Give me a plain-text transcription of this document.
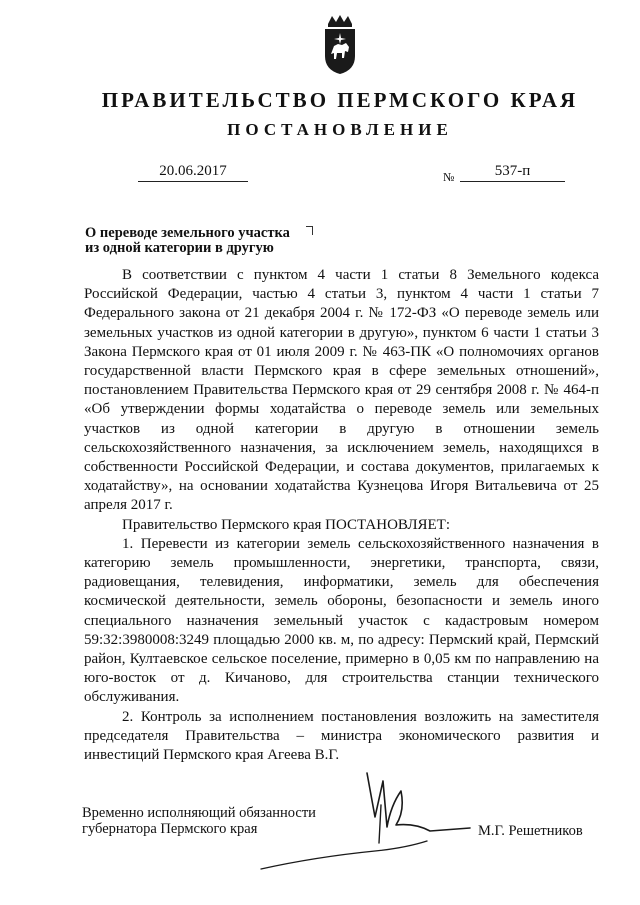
ПРАВИТЕЛЬСТВО ПЕРМСКОГО КРАЯ
ПОСТАНОВЛЕНИЕ
20.06.2017	№	537-п
О переводе земельного участка
из одной категории в другую

В соответствии с пунктом 4 части 1 статьи 8 Земельного кодекса Российской Федерации, частью 4 статьи 3, пунктом 4 части 1 статьи 7 Федерального закона от 21 декабря 2004 г. № 172-ФЗ «О переводе земель или земельных участков из одной категории в другую», пунктом 6 части 1 статьи 3 Закона Пермского края от 01 июля 2009 г. № 463-ПК «О полномочиях органов государственной власти Пермского края в сфере земельных отношений», постановлением Правительства Пермского края от 29 сентября 2008 г. № 464-п «Об утверждении формы ходатайства о переводе земель или земельных участков из одной категории в другую в отношении земель сельскохозяйственного назначения, за исключением земель, находящихся в собственности Российской Федерации, и состава документов, прилагаемых к ходатайству», на основании ходатайства Кузнецова Игоря Витальевича от 25 апреля 2017 г.

Правительство Пермского края ПОСТАНОВЛЯЕТ:

1. Перевести из категории земель сельскохозяйственного назначения в категорию земель промышленности, энергетики, транспорта, связи, радиовещания, телевидения, информатики, земель для обеспечения космической деятельности, земель обороны, безопасности и земель иного специального назначения земельный участок с кадастровым номером 59:32:3980008:3249 площадью 2000 кв. м, по адресу: Пермский край, Пермский район, Култаевское сельское поселение, примерно в 0,05 км по направлению на юго-восток от д. Кичаново, для строительства станции технического обслуживания.

2. Контроль за исполнением постановления возложить на заместителя председателя Правительства – министра экономического развития и инвестиций Пермского края Агеева В.Г.

Временно исполняющий обязанности
губернатора Пермского края	М.Г. Решетников
